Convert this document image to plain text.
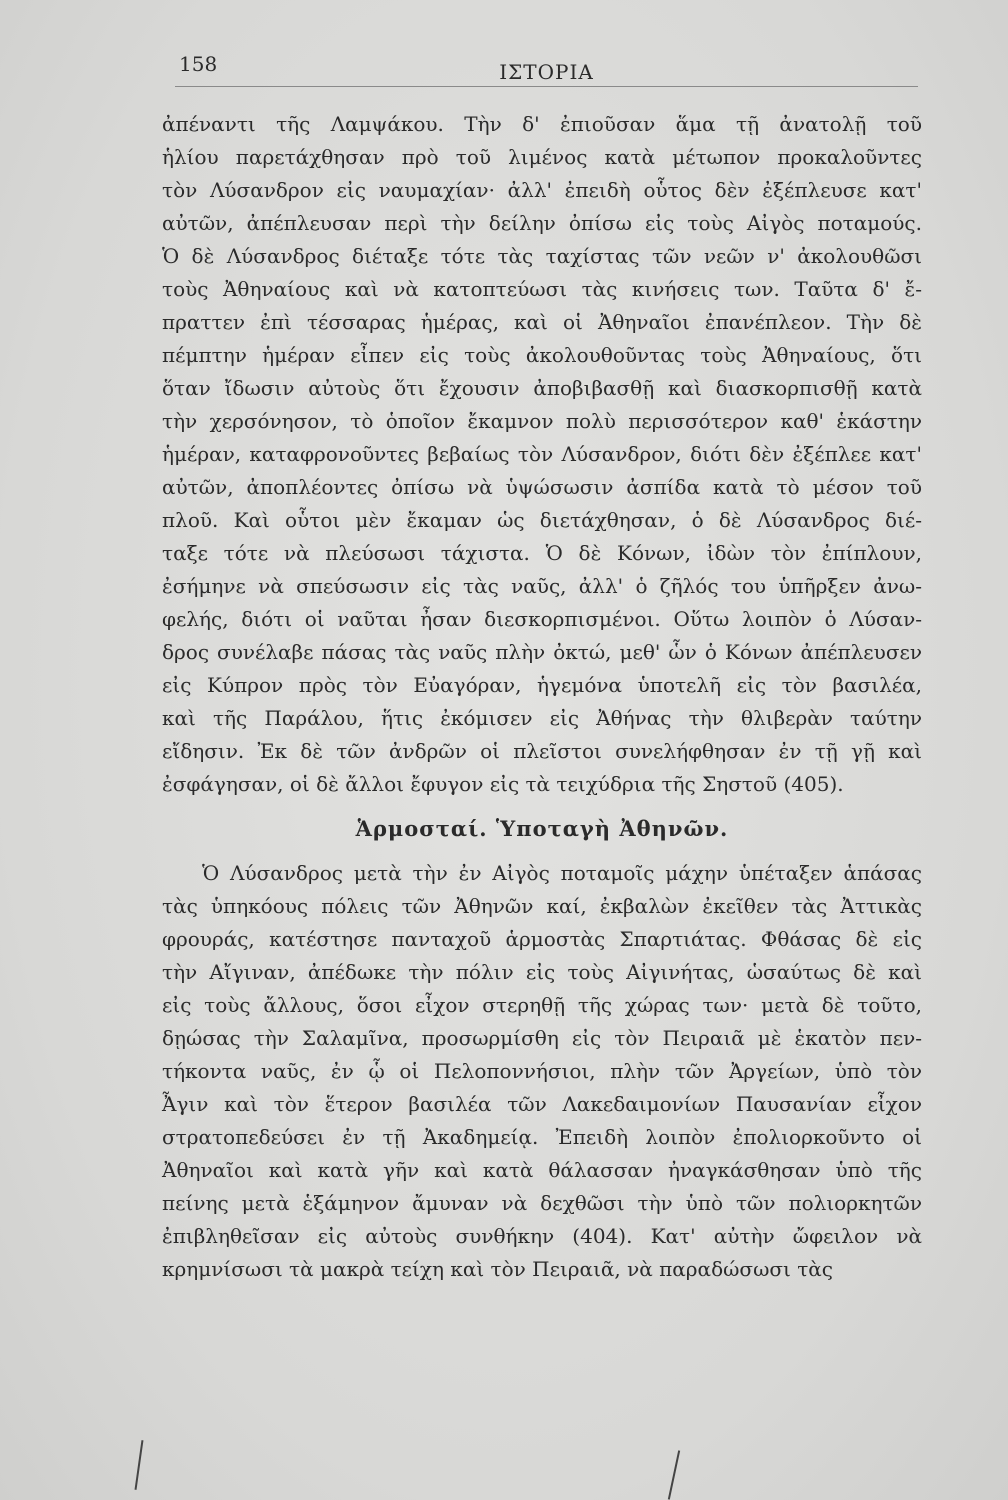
158	ΙΣΤΟΡΙΑ
ἀπέναντι τῆς Λαμψάκου. Τὴν δ' ἐπιοῦσαν ἅμα τῇ ἀνατολῇ τοῦ
ἡλίου παρετάχθησαν πρὸ τοῦ λιμένος κατὰ μέτωπον προκαλοῦντες
τὸν Λύσανδρον εἰς ναυμαχίαν· ἀλλ' ἐπειδὴ οὗτος δὲν ἐξέπλευσε κατ'
αὐτῶν, ἀπέπλευσαν περὶ τὴν δείλην ὀπίσω εἰς τοὺς Αἰγὸς ποταμούς.
Ὁ δὲ Λύσανδρος διέταξε τότε τὰς ταχίστας τῶν νεῶν ν' ἀκολουθῶσι
τοὺς Ἀθηναίους καὶ νὰ κατοπτεύωσι τὰς κινήσεις των. Ταῦτα δ' ἔ-
πραττεν ἐπὶ τέσσαρας ἡμέρας, καὶ οἱ Ἀθηναῖοι ἐπανέπλεον. Τὴν δὲ
πέμπτην ἡμέραν εἶπεν εἰς τοὺς ἀκολουθοῦντας τοὺς Ἀθηναίους, ὅτι
ὅταν ἴδωσιν αὐτοὺς ὅτι ἔχουσιν ἀποβιβασθῇ καὶ διασκορπισθῇ κατὰ
τὴν χερσόνησον, τὸ ὁποῖον ἔκαμνον πολὺ περισσότερον καθ' ἑκάστην
ἡμέραν, καταφρονοῦντες βεβαίως τὸν Λύσανδρον, διότι δὲν ἐξέπλεε κατ'
αὐτῶν, ἀποπλέοντες ὀπίσω νὰ ὑψώσωσιν ἀσπίδα κατὰ τὸ μέσον τοῦ
πλοῦ. Καὶ οὗτοι μὲν ἔκαμαν ὡς διετάχθησαν, ὁ δὲ Λύσανδρος διέ-
ταξε τότε νὰ πλεύσωσι τάχιστα. Ὁ δὲ Κόνων, ἰδὼν τὸν ἐπίπλουν,
ἐσήμηνε νὰ σπεύσωσιν εἰς τὰς ναῦς, ἀλλ' ὁ ζῆλός του ὑπῆρξεν ἀνω-
φελής, διότι οἱ ναῦται ἦσαν διεσκορπισμένοι. Οὕτω λοιπὸν ὁ Λύσαν-
δρος συνέλαβε πάσας τὰς ναῦς πλὴν ὀκτώ, μεθ' ὧν ὁ Κόνων ἀπέπλευσεν
εἰς Κύπρον πρὸς τὸν Εὐαγόραν, ἡγεμόνα ὑποτελῆ εἰς τὸν βασιλέα,
καὶ τῆς Παράλου, ἥτις ἐκόμισεν εἰς Ἀθήνας τὴν θλιβερὰν ταύτην
εἴδησιν. Ἐκ δὲ τῶν ἀνδρῶν οἱ πλεῖστοι συνελήφθησαν ἐν τῇ γῇ καὶ
ἐσφάγησαν, οἱ δὲ ἄλλοι ἔφυγον εἰς τὰ τειχύδρια τῆς Σηστοῦ (405).
Ἁρμοσταί. Ὑποταγὴ Ἀθηνῶν.
Ὁ Λύσανδρος μετὰ τὴν ἐν Αἰγὸς ποταμοῖς μάχην ὑπέταξεν ἁπάσας
τὰς ὑπηκόους πόλεις τῶν Ἀθηνῶν καί, ἐκβαλὼν ἐκεῖθεν τὰς Ἀττικὰς
φρουράς, κατέστησε πανταχοῦ ἁρμοστὰς Σπαρτιάτας. Φθάσας δὲ εἰς
τὴν Αἴγιναν, ἀπέδωκε τὴν πόλιν εἰς τοὺς Αἰγινήτας, ὡσαύτως δὲ καὶ
εἰς τοὺς ἄλλους, ὅσοι εἶχον στερηθῇ τῆς χώρας των· μετὰ δὲ τοῦτο,
δῃώσας τὴν Σαλαμῖνα, προσωρμίσθη εἰς τὸν Πειραιᾶ μὲ ἑκατὸν πεν-
τήκοντα ναῦς, ἐν ᾧ οἱ Πελοποννήσιοι, πλὴν τῶν Ἀργείων, ὑπὸ τὸν
Ἆγιν καὶ τὸν ἕτερον βασιλέα τῶν Λακεδαιμονίων Παυσανίαν εἶχον
στρατοπεδεύσει ἐν τῇ Ἀκαδημείᾳ. Ἐπειδὴ λοιπὸν ἐπολιορκοῦντο οἱ
Ἀθηναῖοι καὶ κατὰ γῆν καὶ κατὰ θάλασσαν ἠναγκάσθησαν ὑπὸ τῆς
πείνης μετὰ ἑξάμηνον ἄμυναν νὰ δεχθῶσι τὴν ὑπὸ τῶν πολιορκητῶν
ἐπιβληθεῖσαν εἰς αὐτοὺς συνθήκην (404). Κατ' αὐτὴν ὤφειλον νὰ
κρημνίσωσι τὰ μακρὰ τείχη καὶ τὸν Πειραιᾶ, νὰ παραδώσωσι τὰς
